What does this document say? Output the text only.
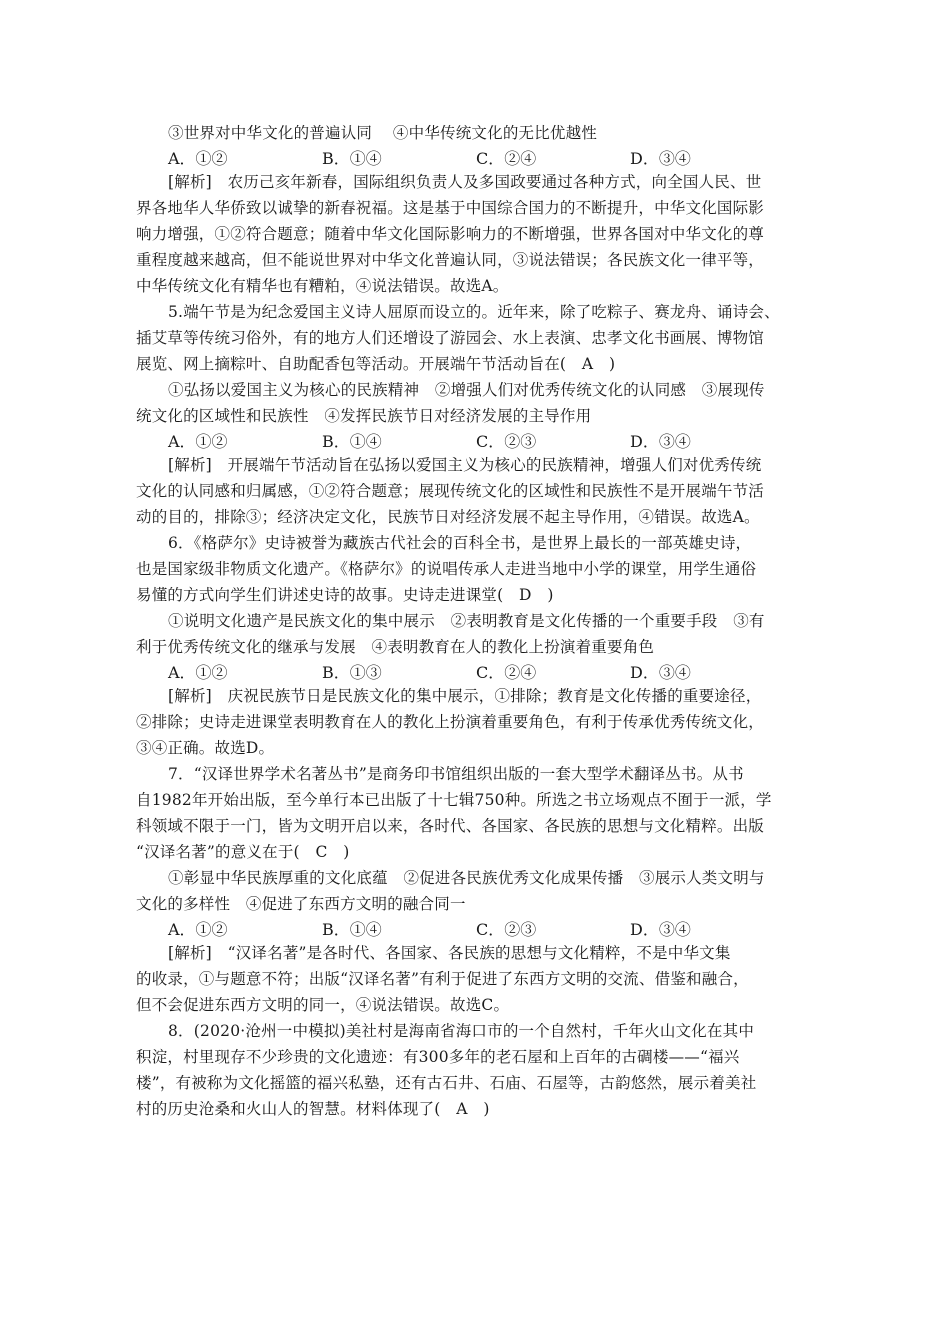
③世界对中华文化的普遍认同　 ④中华传统文化的无比优越性
A．①②	B．①④	C．②④	D．③④
[解析]　农历己亥年新春，国际组织负责人及多国政要通过各种方式，向全国人民、世
界各地华人华侨致以诚挚的新春祝福。这是基于中国综合国力的不断提升，中华文化国际影
响力增强，①②符合题意；随着中华文化国际影响力的不断增强，世界各国对中华文化的尊
重程度越来越高，但不能说世界对中华文化普遍认同，③说法错误；各民族文化一律平等，
中华传统文化有精华也有糟粕，④说法错误。故选A。
5.端午节是为纪念爱国主义诗人屈原而设立的。近年来，除了吃粽子、赛龙舟、诵诗会、
插艾草等传统习俗外，有的地方人们还增设了游园会、水上表演、忠孝文化书画展、博物馆
展览、网上摘粽叶、自助配香包等活动。开展端午节活动旨在(　A　)
①弘扬以爱国主义为核心的民族精神　②增强人们对优秀传统文化的认同感　③展现传
统文化的区域性和民族性　④发挥民族节日对经济发展的主导作用
A．①②	B．①④	C．②③	D．③④
[解析]　开展端午节活动旨在弘扬以爱国主义为核心的民族精神，增强人们对优秀传统
文化的认同感和归属感，①②符合题意；展现传统文化的区域性和民族性不是开展端午节活
动的目的，排除③；经济决定文化，民族节日对经济发展不起主导作用，④错误。故选A。
6．《格萨尔》史诗被誉为藏族古代社会的百科全书，是世界上最长的一部英雄史诗，
也是国家级非物质文化遗产。《格萨尔》的说唱传承人走进当地中小学的课堂，用学生通俗
易懂的方式向学生们讲述史诗的故事。史诗走进课堂(　D　)
①说明文化遗产是民族文化的集中展示　②表明教育是文化传播的一个重要手段　③有
利于优秀传统文化的继承与发展　④表明教育在人的教化上扮演着重要角色
A．①②	B．①③	C．②④	D．③④
[解析]　庆祝民族节日是民族文化的集中展示，①排除；教育是文化传播的重要途径，
②排除；史诗走进课堂表明教育在人的教化上扮演着重要角色，有利于传承优秀传统文化，
③④正确。故选D。
7．“汉译世界学术名著丛书”是商务印书馆组织出版的一套大型学术翻译丛书。从书
自1982年开始出版，至今单行本已出版了十七辑750种。所选之书立场观点不囿于一派，学
科领域不限于一门，皆为文明开启以来，各时代、各国家、各民族的思想与文化精粹。出版
“汉译名著”的意义在于(　C　)
①彰显中华民族厚重的文化底蕴　②促进各民族优秀文化成果传播　③展示人类文明与
文化的多样性　④促进了东西方文明的融合同一
A．①②	B．①④	C．②③	D．③④
[解析]　“汉译名著”是各时代、各国家、各民族的思想与文化精粹，不是中华文集
的收录，①与题意不符；出版“汉译名著”有利于促进了东西方文明的交流、借鉴和融合，
但不会促进东西方文明的同一，④说法错误。故选C。
8．(2020·沧州一中模拟)美社村是海南省海口市的一个自然村，千年火山文化在其中
积淀，村里现存不少珍贵的文化遗迹：有300多年的老石屋和上百年的古碉楼——“福兴
楼”，有被称为文化摇篮的福兴私塾，还有古石井、石庙、石屋等，古韵悠然，展示着美社
村的历史沧桑和火山人的智慧。材料体现了(　A　)
